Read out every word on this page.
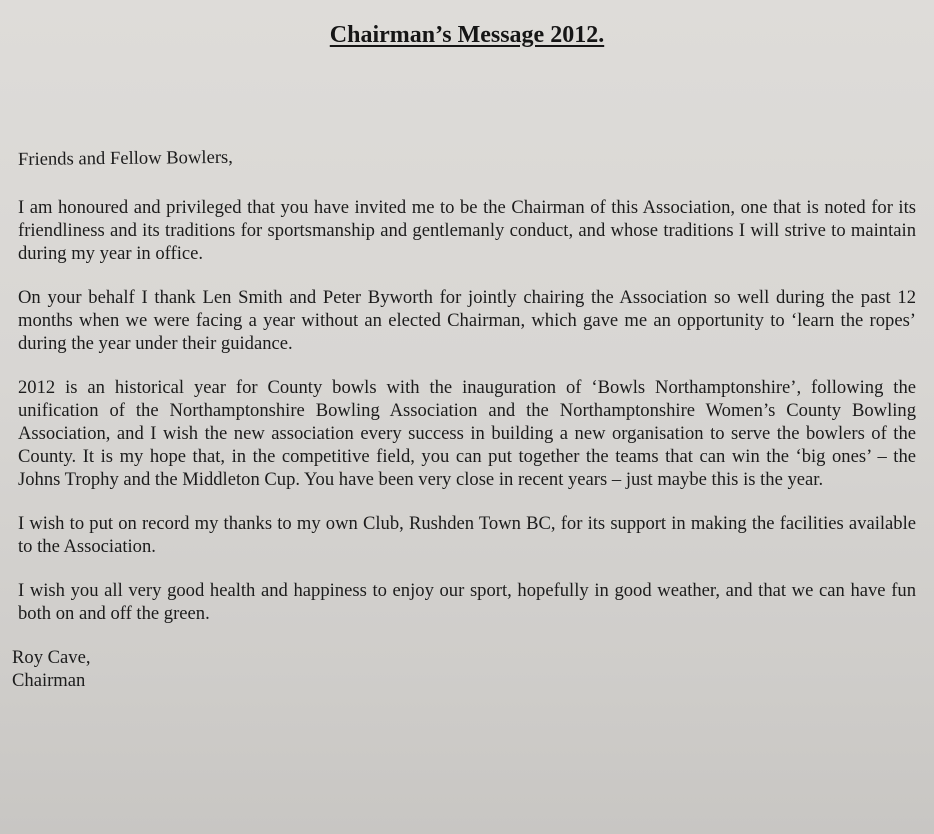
Chairman’s Message 2012.

Friends and Fellow Bowlers,

I am honoured and privileged that you have invited me to be the Chairman of this Association, one that is noted for its friendliness and its traditions for sportsmanship and gentlemanly conduct, and whose traditions I will strive to maintain during my year in office.

On your behalf I thank Len Smith and Peter Byworth for jointly chairing the Association so well during the past 12 months when we were facing a year without an elected Chairman, which gave me an opportunity to ‘learn the ropes’ during the year under their guidance.

2012 is an historical year for County bowls with the inauguration of ‘Bowls Northamptonshire’, following the unification of the Northamptonshire Bowling Association and the Northamptonshire Women’s County Bowling Association, and I wish the new association every success in building a new organisation to serve the bowlers of the County. It is my hope that, in the competitive field, you can put together the teams that can win the ‘big ones’ – the Johns Trophy and the Middleton Cup. You have been very close in recent years – just maybe this is the year.

I wish to put on record my thanks to my own Club, Rushden Town BC, for its support in making the facilities available to the Association.

I wish you all very good health and happiness to enjoy our sport, hopefully in good weather, and that we can have fun both on and off the green.

Roy Cave,
Chairman
